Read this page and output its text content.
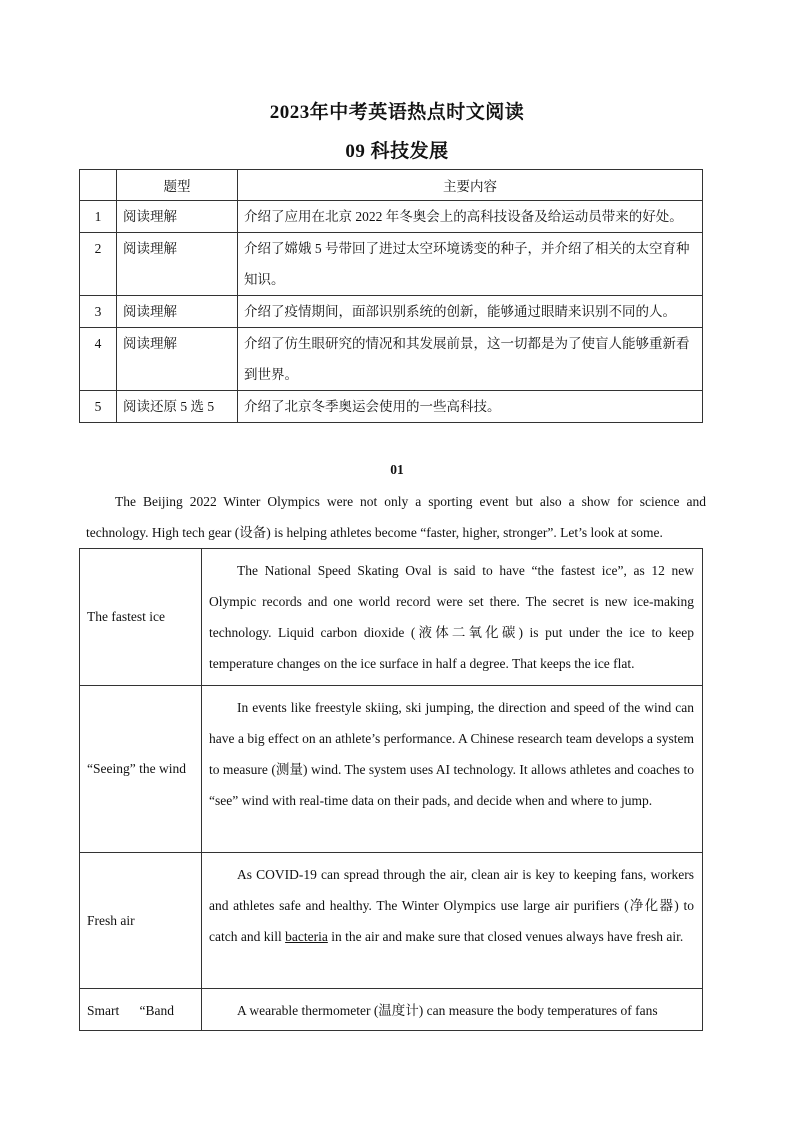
2023年中考英语热点时文阅读
09 科技发展
	题型	主要内容
1	阅读理解	介绍了应用在北京 2022 年冬奥会上的高科技设备及给运动员带来的好处。
2	阅读理解	介绍了嫦娥 5 号带回了进过太空环境诱变的种子，并介绍了相关的太空育种知识。
3	阅读理解	介绍了疫情期间，面部识别系统的创新，能够通过眼睛来识别不同的人。
4	阅读理解	介绍了仿生眼研究的情况和其发展前景，这一切都是为了使盲人能够重新看到世界。
5	阅读还原 5 选 5	介绍了北京冬季奥运会使用的一些高科技。
01
The Beijing 2022 Winter Olympics were not only a sporting event but also a show for science and technology. High tech gear (设备) is helping athletes become “faster, higher, stronger”. Let’s look at some.
The fastest ice	The National Speed Skating Oval is said to have “the fastest ice”, as 12 new Olympic records and one world record were set there. The secret is new ice-making technology. Liquid carbon dioxide (液体二氧化碳) is put under the ice to keep temperature changes on the ice surface in half a degree. That keeps the ice flat.
“Seeing” the wind	In events like freestyle skiing, ski jumping, the direction and speed of the wind can have a big effect on an athlete’s performance. A Chinese research team develops a system to measure (测量) wind. The system uses AI technology. It allows athletes and coaches to “see” wind with real-time data on their pads, and decide when and where to jump.
Fresh air	As COVID-19 can spread through the air, clean air is key to keeping fans, workers and athletes safe and healthy. The Winter Olympics use large air purifiers (净化器) to catch and kill bacteria in the air and make sure that closed venues always have fresh air.
Smart      “Band	A wearable thermometer (温度计) can measure the body temperatures of fans
